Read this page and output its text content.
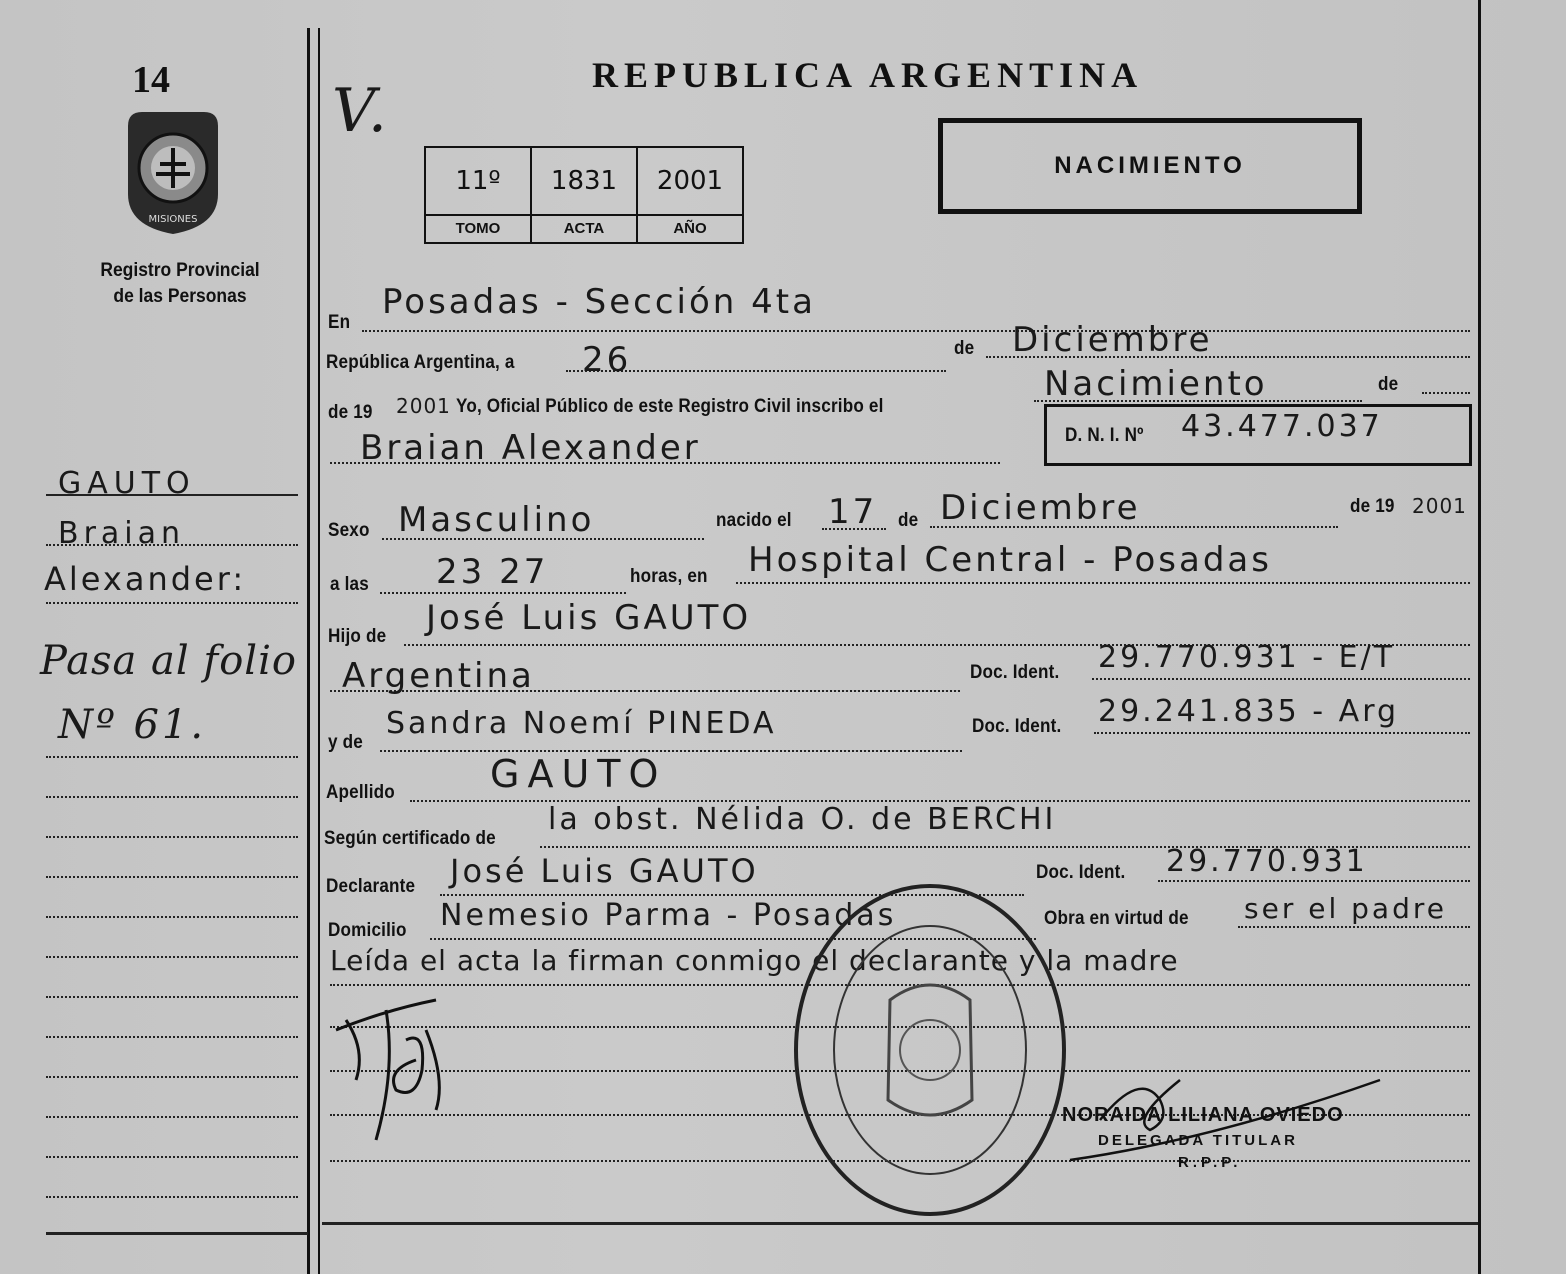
14
MISIONES
Registro Provincial
de las Personas
GAUTO
Braian
Alexander:
Pasa al folio
Nº 61.
REPUBLICA ARGENTINA
V.
11º	1831	2001
TOMO	ACTA	AÑO
NACIMIENTO
En
Posadas - Sección 4ta
República Argentina, a 26	de Diciembre
de 19 2001 Yo, Oficial Público de este Registro Civil inscribo el
Nacimiento	de
Braian Alexander	D. N. I. Nº 43.477.037
Sexo Masculino	nacido el 17 de Diciembre	de 19 2001
a las 23 27	horas, en Hospital Central - Posadas
Hijo de José Luis GAUTO
Argentina	Doc. Ident. 29.770.931 - E/T
y de
Sandra Noemí PINEDA	Doc. Ident. 29.241.835 - Arg
Apellido	GAUTO
Según certificado de
la obst. Nélida O. de BERCHI
Declarante José Luis GAUTO	Doc. Ident. 29.770.931
Domicilio Nemesio Parma - Posadas	Obra en virtud de ser el padre
Leída el acta la firman conmigo el declarante y la madre
NORAIDA LILIANA OVIEDO
DELEGADA TITULAR
R.P.P.
